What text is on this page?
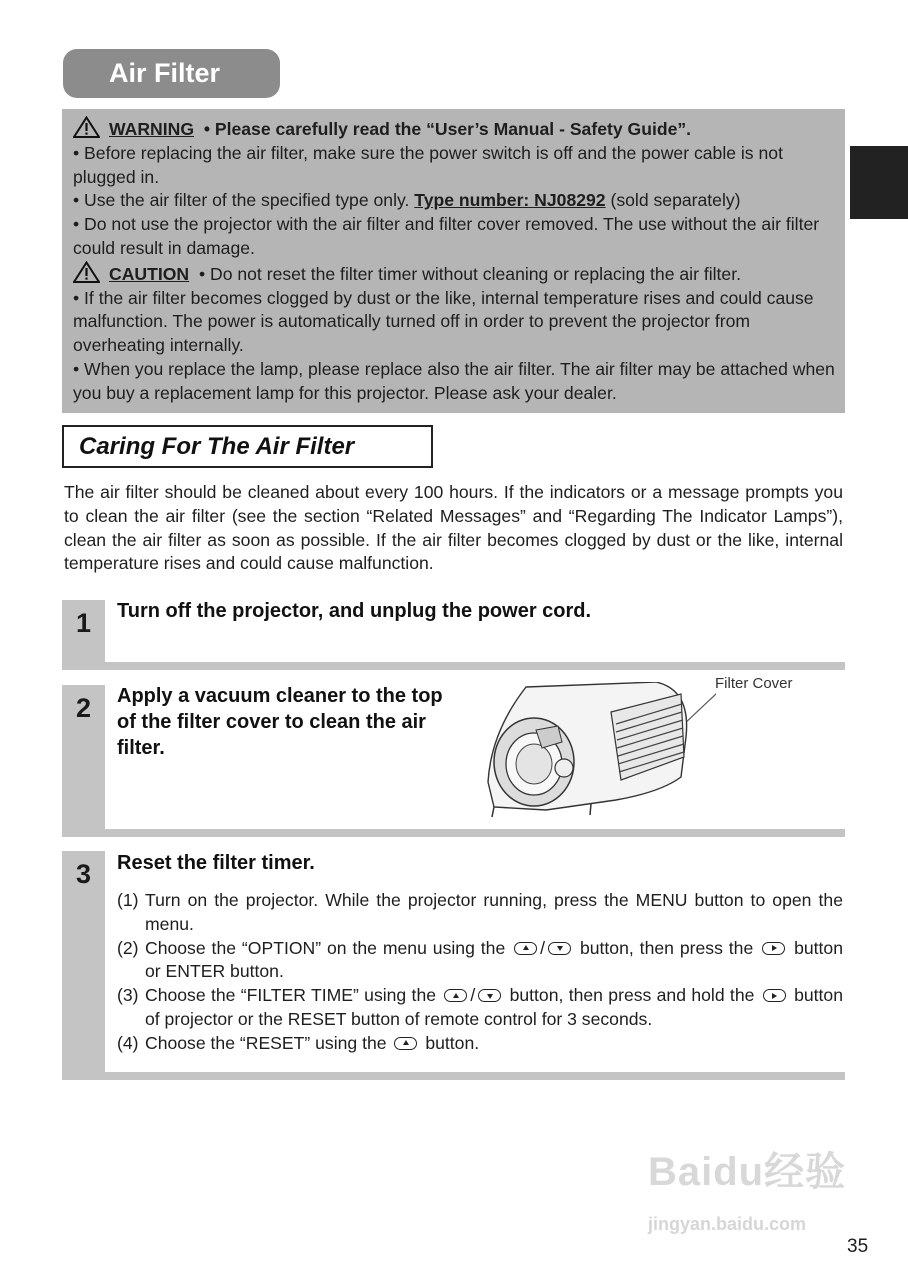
Air Filter

WARNING • Please carefully read the “User’s Manual - Safety Guide”.

• Before replacing the air filter, make sure the power switch is off and the power cable is not plugged in.

• Use the air filter of the specified type only. Type number: NJ08292 (sold separately)

• Do not use the projector with the air filter and filter cover removed. The use without the air filter could result in damage.

CAUTION • Do not reset the filter timer without cleaning or replacing the air filter.

• If the air filter becomes clogged by dust or the like, internal temperature rises and could cause malfunction. The power is automatically turned off in order to prevent the projector from overheating internally.

• When you replace the lamp, please replace also the air filter. The air filter may be attached when you buy a replacement lamp for this projector. Please ask your dealer.

Caring For The Air Filter

The air filter should be cleaned about every 100 hours. If the indicators or a message prompts you to clean the air filter (see the section “Related Messages” and “Regarding The Indicator Lamps”), clean the air filter as soon as possible. If the air filter becomes clogged by dust or the like, internal temperature rises and could cause malfunction.

1	Turn off the projector, and unplug the power cord.
2	Apply a vacuum cleaner to the top of the filter cover to clean the air filter.
Filter Cover
3	Reset the filter timer.
(1) Turn on the projector. While the projector running, press the MENU button to open the menu.
(2) Choose the “OPTION” on the menu using the / button, then press the  button or ENTER button.
(3) Choose the “FILTER TIME” using the / button, then press and hold the  button of projector or the RESET button of remote control for 3 seconds.
(4) Choose the “RESET” using the  button.
Baidu经验
jingyan.baidu.com
35
